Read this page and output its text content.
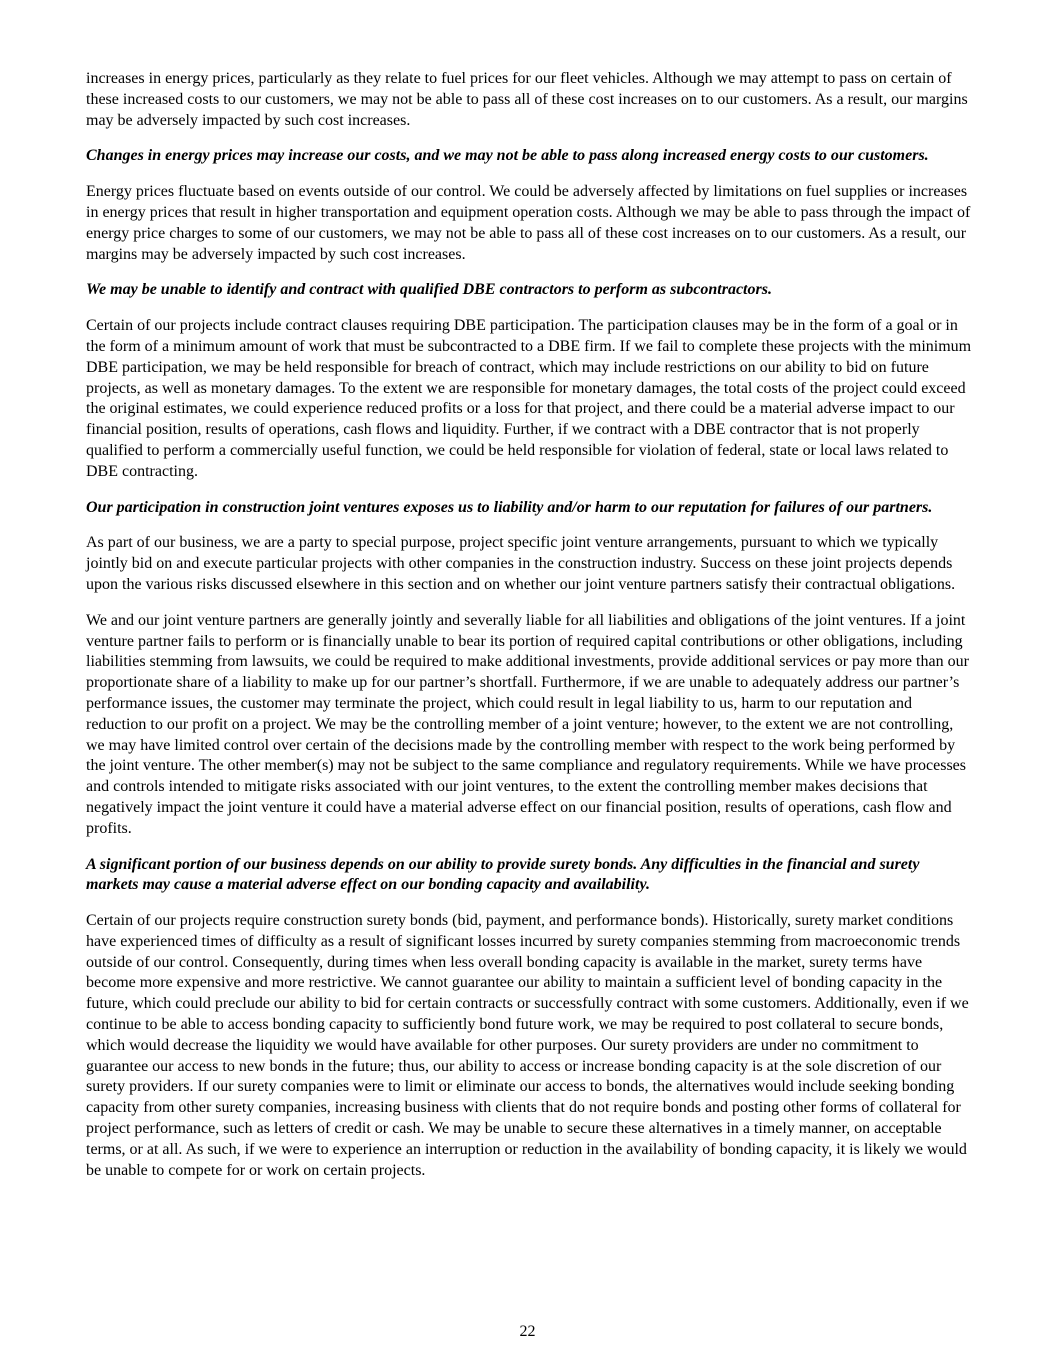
increases in energy prices, particularly as they relate to fuel prices for our fleet vehicles. Although we may attempt to pass on certain of these increased costs to our customers, we may not be able to pass all of these cost increases on to our customers. As a result, our margins may be adversely impacted by such cost increases.

Changes in energy prices may increase our costs, and we may not be able to pass along increased energy costs to our customers.

Energy prices fluctuate based on events outside of our control. We could be adversely affected by limitations on fuel supplies or increases in energy prices that result in higher transportation and equipment operation costs. Although we may be able to pass through the impact of energy price charges to some of our customers, we may not be able to pass all of these cost increases on to our customers. As a result, our margins may be adversely impacted by such cost increases.

We may be unable to identify and contract with qualified DBE contractors to perform as subcontractors.

Certain of our projects include contract clauses requiring DBE participation. The participation clauses may be in the form of a goal or in the form of a minimum amount of work that must be subcontracted to a DBE firm. If we fail to complete these projects with the minimum DBE participation, we may be held responsible for breach of contract, which may include restrictions on our ability to bid on future projects, as well as monetary damages. To the extent we are responsible for monetary damages, the total costs of the project could exceed the original estimates, we could experience reduced profits or a loss for that project, and there could be a material adverse impact to our financial position, results of operations, cash flows and liquidity. Further, if we contract with a DBE contractor that is not properly qualified to perform a commercially useful function, we could be held responsible for violation of federal, state or local laws related to DBE contracting.

Our participation in construction joint ventures exposes us to liability and/or harm to our reputation for failures of our partners.

As part of our business, we are a party to special purpose, project specific joint venture arrangements, pursuant to which we typically jointly bid on and execute particular projects with other companies in the construction industry. Success on these joint projects depends upon the various risks discussed elsewhere in this section and on whether our joint venture partners satisfy their contractual obligations.

We and our joint venture partners are generally jointly and severally liable for all liabilities and obligations of the joint ventures. If a joint venture partner fails to perform or is financially unable to bear its portion of required capital contributions or other obligations, including liabilities stemming from lawsuits, we could be required to make additional investments, provide additional services or pay more than our proportionate share of a liability to make up for our partner’s shortfall. Furthermore, if we are unable to adequately address our partner’s performance issues, the customer may terminate the project, which could result in legal liability to us, harm to our reputation and reduction to our profit on a project. We may be the controlling member of a joint venture; however, to the extent we are not controlling, we may have limited control over certain of the decisions made by the controlling member with respect to the work being performed by the joint venture. The other member(s) may not be subject to the same compliance and regulatory requirements. While we have processes and controls intended to mitigate risks associated with our joint ventures, to the extent the controlling member makes decisions that negatively impact the joint venture it could have a material adverse effect on our financial position, results of operations, cash flow and profits.

A significant portion of our business depends on our ability to provide surety bonds. Any difficulties in the financial and surety markets may cause a material adverse effect on our bonding capacity and availability.

Certain of our projects require construction surety bonds (bid, payment, and performance bonds). Historically, surety market conditions have experienced times of difficulty as a result of significant losses incurred by surety companies stemming from macroeconomic trends outside of our control. Consequently, during times when less overall bonding capacity is available in the market, surety terms have become more expensive and more restrictive. We cannot guarantee our ability to maintain a sufficient level of bonding capacity in the future, which could preclude our ability to bid for certain contracts or successfully contract with some customers. Additionally, even if we continue to be able to access bonding capacity to sufficiently bond future work, we may be required to post collateral to secure bonds, which would decrease the liquidity we would have available for other purposes. Our surety providers are under no commitment to guarantee our access to new bonds in the future; thus, our ability to access or increase bonding capacity is at the sole discretion of our surety providers. If our surety companies were to limit or eliminate our access to bonds, the alternatives would include seeking bonding capacity from other surety companies, increasing business with clients that do not require bonds and posting other forms of collateral for project performance, such as letters of credit or cash. We may be unable to secure these alternatives in a timely manner, on acceptable terms, or at all. As such, if we were to experience an interruption or reduction in the availability of bonding capacity, it is likely we would be unable to compete for or work on certain projects.

22
